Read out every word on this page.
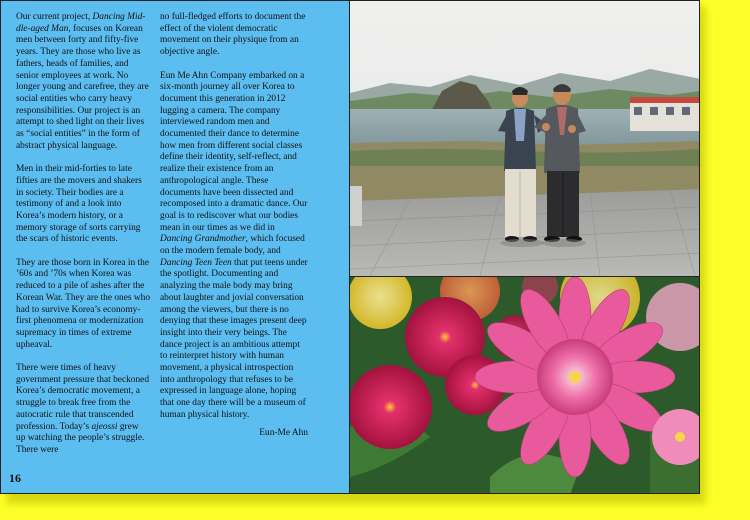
Our current project, Dancing Mid-dle-aged Man, focuses on Korean men between forty and fifty-five years. They are those who live as fathers, heads of families, and senior employees at work. No longer young and carefree, they are social entities who carry heavy responsibilities. Our project is an attempt to shed light on their lives as “social entities” in the form of abstract physical language.

Men in their mid-forties to late fifties are the movers and shakers in society. Their bodies are a testimony of and a look into Korea’s modern history, or a memory storage of sorts carrying the scars of historic events.

They are those born in Korea in the ’60s and ’70s when Korea was reduced to a pile of ashes after the Korean War. They are the ones who had to survive Korea’s economy-first phenomena or modernization supremacy in times of extreme upheaval.

There were times of heavy government pressure that beckoned Korea’s democratic movement, a struggle to break free from the autocratic rule that transcended profession. Today’s ajeossi grew up watching the people’s struggle. There were

no full-fledged efforts to document the effect of the violent democratic movement on their physique from an objective angle.

Eun Me Ahn Company embarked on a six-month journey all over Korea to document this generation in 2012 lugging a camera. The company interviewed random men and documented their dance to determine how men from different social classes define their identity, self-reflect, and realize their existence from an anthropological angle. These documents have been dissected and recomposed into a dramatic dance. Our goal is to rediscover what our bodies mean in our times as we did in Dancing Grandmother, which focused on the modern female body, and Dancing Teen Teen that put teens under the spotlight. Documenting and analyzing the male body may bring about laughter and jovial conversation among the viewers, but there is no denying that these images present deep insight into their very beings. The dance project is an ambitious attempt to reinterpret history with human movement, a physical introspection into anthropology that refuses to be expressed in language alone, hoping that one day there will be a museum of human physical history.

Eun-Me Ahn

16
